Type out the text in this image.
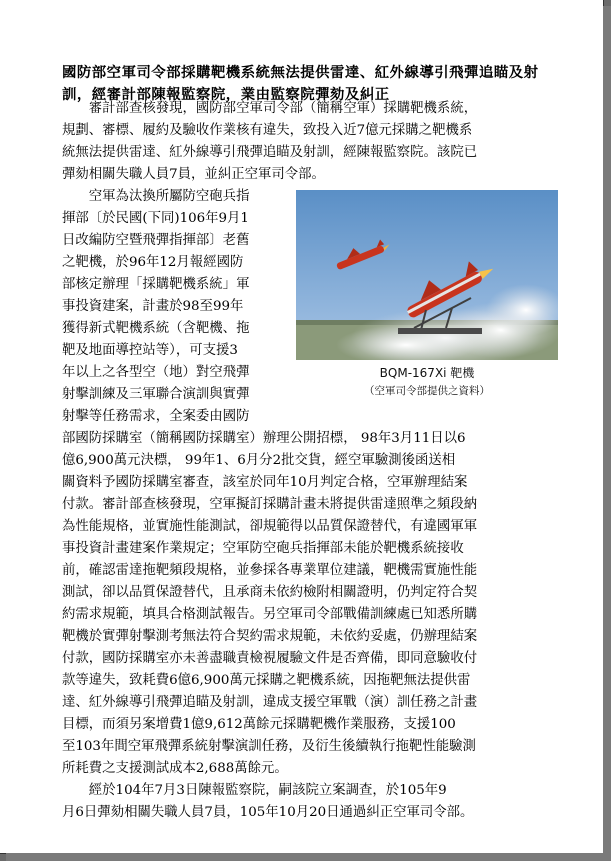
國防部空軍司令部採購靶機系統無法提供雷達、紅外線導引飛彈追瞄及射訓，經審計部陳報監察院，業由監察院彈劾及糾正
　　審計部查核發現，國防部空軍司令部（簡稱空軍）採購靶機系統，
規劃、審標、履約及驗收作業核有違失，致投入近7億元採購之靶機系
統無法提供雷達、紅外線導引飛彈追瞄及射訓，經陳報監察院。該院已
彈劾相關失職人員7員，並糾正空軍司令部。
　　空軍為汰換所屬防空砲兵指
揮部〔於民國(下同)106年9月1
日改編防空暨飛彈指揮部〕老舊
之靶機，於96年12月報經國防
部核定辦理「採購靶機系統」軍
事投資建案，計畫於98至99年
獲得新式靶機系統（含靶機、拖
靶及地面導控站等），可支援3
年以上之各型空（地）對空飛彈
射擊訓練及三軍聯合演訓與實彈
射擊等任務需求，全案委由國防
部國防採購室（簡稱國防採購室）辦理公開招標， 98年3月11日以6
億6,900萬元決標， 99年1、6月分2批交貨，經空軍驗測後函送相
關資料予國防採購室審查，該室於同年10月判定合格，空軍辦理結案
付款。審計部查核發現，空軍擬訂採購計畫未將提供雷達照準之頻段納
為性能規格，並實施性能測試，卻規範得以品質保證替代，有違國軍軍
事投資計畫建案作業規定；空軍防空砲兵指揮部未能於靶機系統接收
前，確認雷達拖靶頻段規格，並參採各專業單位建議，靶機需實施性能
測試，卻以品質保證替代，且承商未依約檢附相關證明，仍判定符合契
約需求規範，填具合格測試報告。另空軍司令部戰備訓練處已知悉所購
靶機於實彈射擊測考無法符合契約需求規範，未依約妥處，仍辦理結案
付款，國防採購室亦未善盡職責檢視履驗文件是否齊備，即同意驗收付
款等違失，致耗費6億6,900萬元採購之靶機系統，因拖靶無法提供雷
達、紅外線導引飛彈追瞄及射訓，違成支援空軍戰（演）訓任務之計畫
目標，而須另案增費1億9,612萬餘元採購靶機作業服務，支援100
至103年間空軍飛彈系統射擊演訓任務，及衍生後續執行拖靶性能驗測
所耗費之支援測試成本2,688萬餘元。
　　經於104年7月3日陳報監察院，嗣該院立案調查，於105年9
月6日彈劾相關失職人員7員，105年10月20日通過糾正空軍司令部。
BQM-167Xi 靶機
（空軍司令部提供之資料）
